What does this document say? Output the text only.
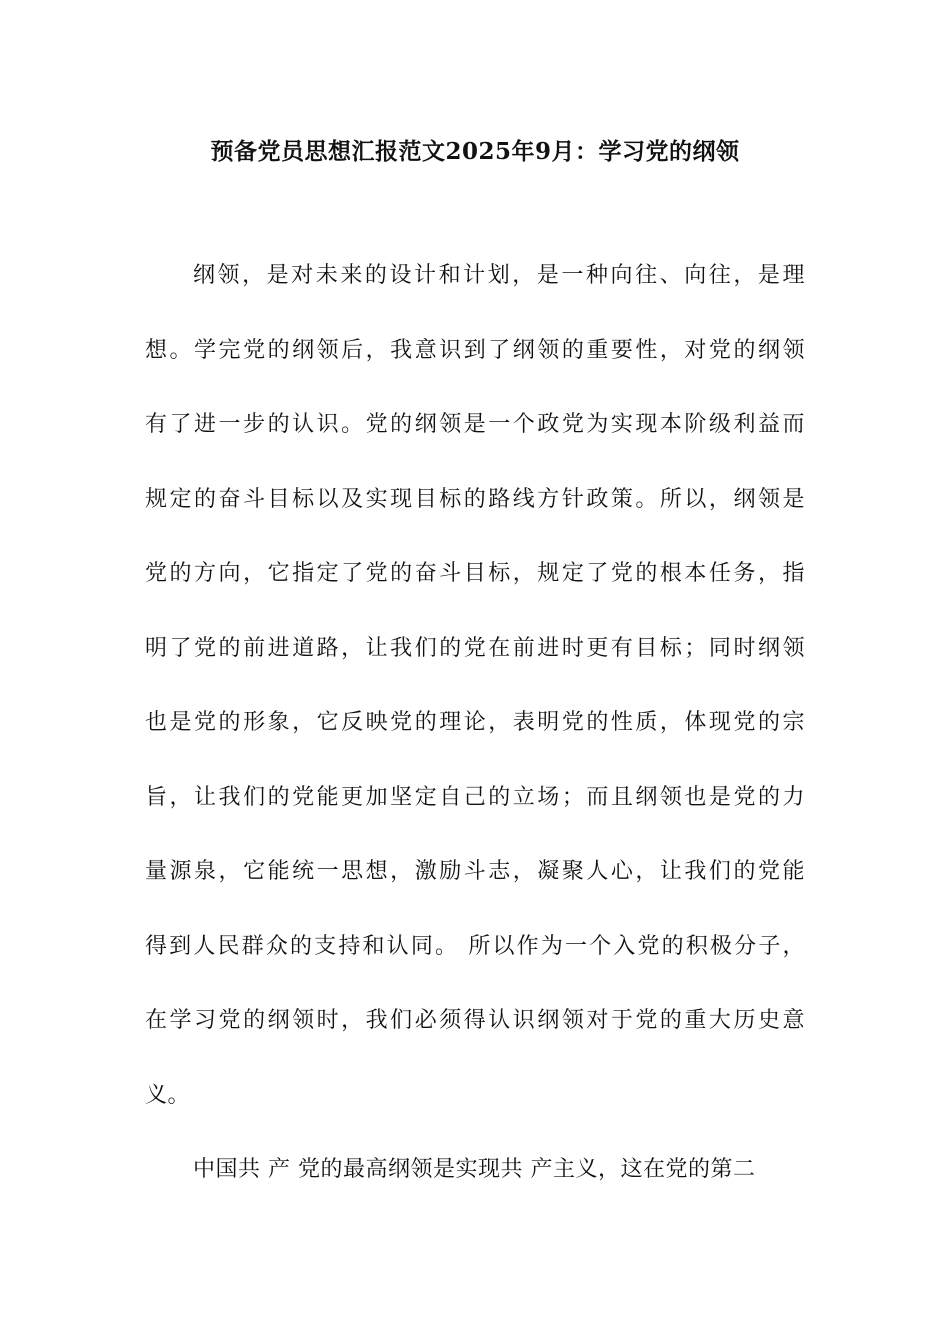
预备党员思想汇报范文2025年9月：学习党的纲领
纲领，是对未来的设计和计划，是一种向往、向往，是理
想。学完党的纲领后，我意识到了纲领的重要性，对党的纲领
有了进一步的认识。党的纲领是一个政党为实现本阶级利益而
规定的奋斗目标以及实现目标的路线方针政策。所以，纲领是
党的方向，它指定了党的奋斗目标，规定了党的根本任务，指
明了党的前进道路，让我们的党在前进时更有目标；同时纲领
也是党的形象，它反映党的理论，表明党的性质，体现党的宗
旨，让我们的党能更加坚定自己的立场；而且纲领也是党的力
量源泉，它能统一思想，激励斗志，凝聚人心，让我们的党能
得到人民群众的支持和认同。 所以作为一个入党的积极分子，
在学习党的纲领时，我们必须得认识纲领对于党的重大历史意
义。
中国共 产 党的最高纲领是实现共 产主义，这在党的第二
